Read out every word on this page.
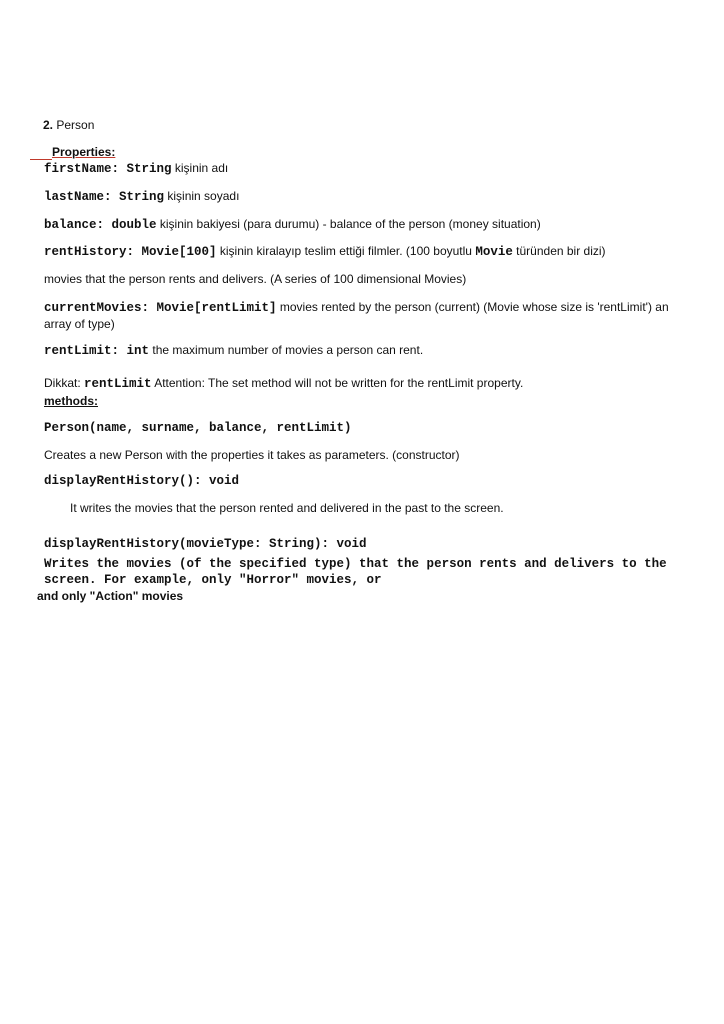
2. Person
Properties:
firstName: String kişinin adı
lastName: String kişinin soyadı
balance: double kişinin bakiyesi (para durumu) - balance of the person (money situation)
rentHistory: Movie[100] kişinin kiralayıp teslim ettiği filmler. (100 boyutlu Movie türünden bir dizi)
movies that the person rents and delivers. (A series of 100 dimensional Movies)
currentMovies: Movie[rentLimit] movies rented by the person (current) (Movie whose size is 'rentLimit') an
array of type)
rentLimit: int the maximum number of movies a person can rent.
Dikkat: rentLimit Attention: The set method will not be written for the rentLimit property.
methods:
Person(name, surname, balance, rentLimit)
Creates a new Person with the properties it takes as parameters. (constructor)
displayRentHistory(): void
It writes the movies that the person rented and delivered in the past to the screen.
displayRentHistory(movieType: String): void
Writes the movies (of the specified type) that the person rents and delivers to the
screen. For example, only "Horror" movies, or
and only "Action" movies
